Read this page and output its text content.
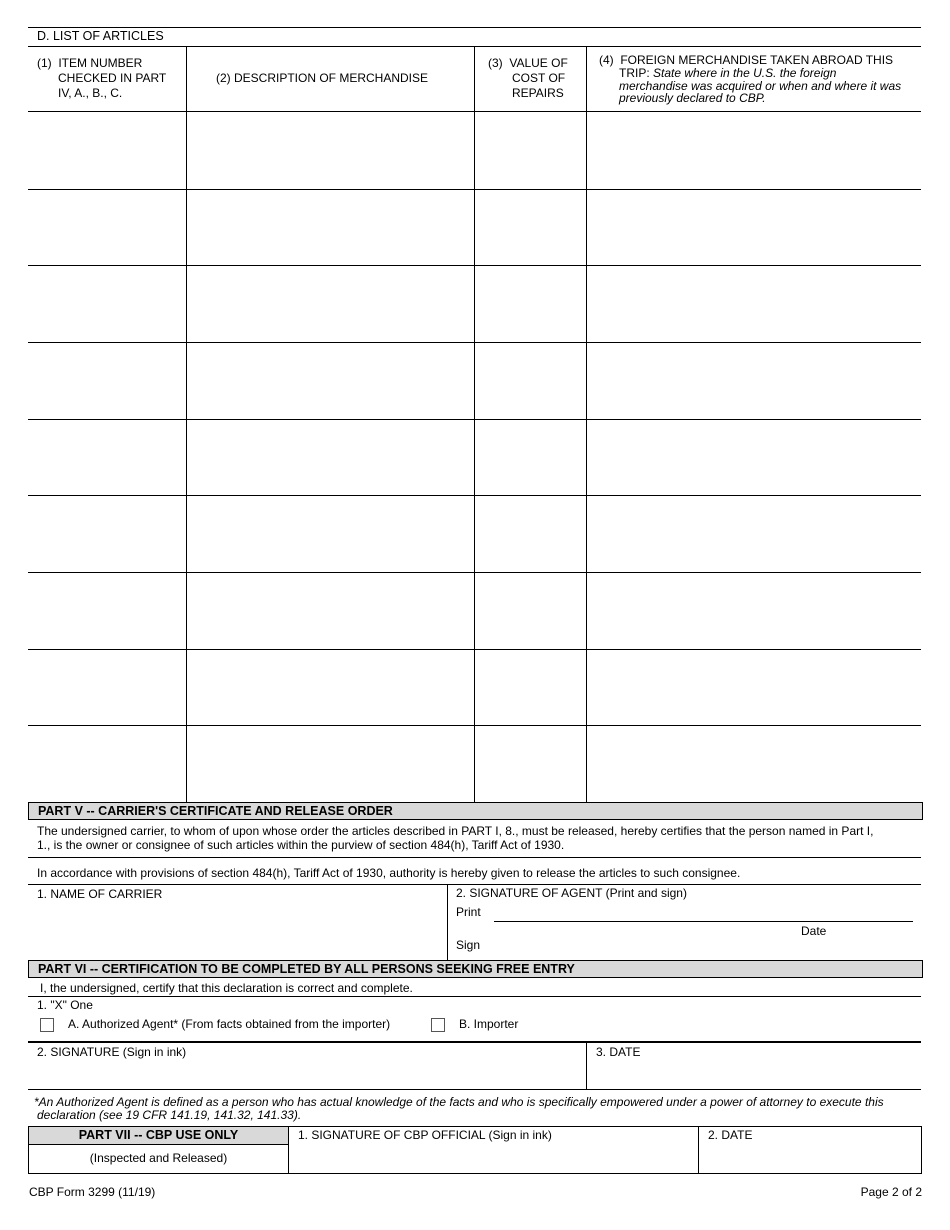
D. LIST OF ARTICLES
(1) ITEM NUMBER
CHECKED IN PART
IV, A., B., C.
(2) DESCRIPTION OF MERCHANDISE
(3) VALUE OF
COST OF
REPAIRS
(4) FOREIGN MERCHANDISE TAKEN ABROAD THIS
TRIP: State where in the U.S. the foreign
merchandise was acquired or when and where it was
previously declared to CBP.
PART V -- CARRIER'S CERTIFICATE AND RELEASE ORDER
The undersigned carrier, to whom of upon whose order the articles described in PART I, 8., must be released, hereby certifies that the person named in Part I,
1., is the owner or consignee of such articles within the purview of section 484(h), Tariff Act of 1930.
In accordance with provisions of section 484(h), Tariff Act of 1930, authority is hereby given to release the articles to such consignee.
1. NAME OF CARRIER	2. SIGNATURE OF AGENT (Print and sign)
Print
Date
Sign
PART VI -- CERTIFICATION TO BE COMPLETED BY ALL PERSONS SEEKING FREE ENTRY
I, the undersigned, certify that this declaration is correct and complete.
1. "X" One
A. Authorized Agent* (From facts obtained from the importer)	B. Importer
2. SIGNATURE (Sign in ink)	3. DATE
*An Authorized Agent is defined as a person who has actual knowledge of the facts and who is specifically empowered under a power of attorney to execute this
declaration (see 19 CFR 141.19, 141.32, 141.33).
PART VII -- CBP USE ONLY
(Inspected and Released)
1. SIGNATURE OF CBP OFFICIAL (Sign in ink)	2. DATE
CBP Form 3299 (11/19)	Page 2 of 2
